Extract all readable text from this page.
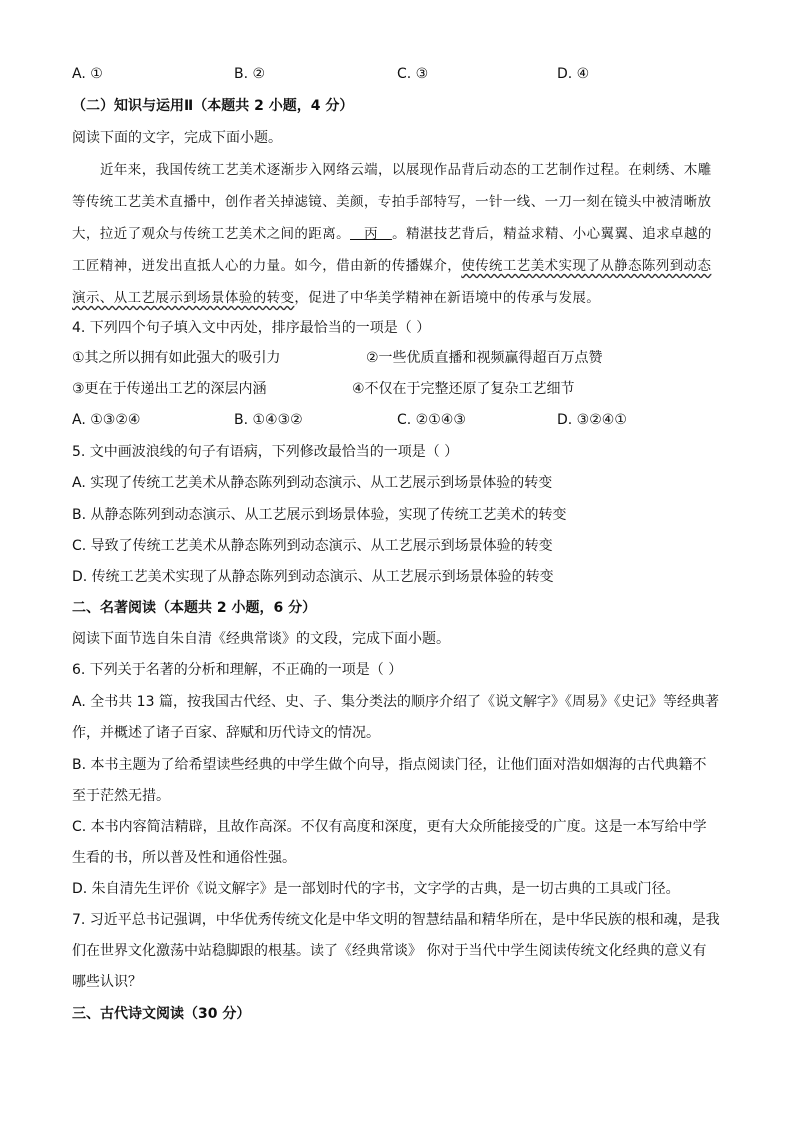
A. ①	B. ②	C. ③	D. ④
（二）知识与运用Ⅱ（本题共 2 小题，4 分）
阅读下面的文字，完成下面小题。
近年来，我国传统工艺美术逐渐步入网络云端，以展现作品背后动态的工艺制作过程。在刺绣、木雕
等传统工艺美术直播中，创作者关掉滤镜、美颜，专拍手部特写，一针一线、一刀一刻在镜头中被清晰放
大，拉近了观众与传统工艺美术之间的距离。   丙   。精湛技艺背后，精益求精、小心翼翼、追求卓越的
工匠精神，迸发出直抵人心的力量。如今，借由新的传播媒介，使传统工艺美术实现了从静态陈列到动态
演示、从工艺展示到场景体验的转变，促进了中华美学精神在新语境中的传承与发展。
4. 下列四个句子填入文中丙处，排序最恰当的一项是（ ）
①其之所以拥有如此强大的吸引力	②一些优质直播和视频赢得超百万点赞
③更在于传递出工艺的深层内涵	④不仅在于完整还原了复杂工艺细节
A. ①③②④	B. ①④③②	C. ②①④③	D. ③②④①
5. 文中画波浪线的句子有语病，下列修改最恰当的一项是（ ）
A. 实现了传统工艺美术从静态陈列到动态演示、从工艺展示到场景体验的转变
B. 从静态陈列到动态演示、从工艺展示到场景体验，实现了传统工艺美术的转变
C. 导致了传统工艺美术从静态陈列到动态演示、从工艺展示到场景体验的转变
D. 传统工艺美术实现了从静态陈列到动态演示、从工艺展示到场景体验的转变
二、名著阅读（本题共 2 小题，6 分）
阅读下面节选自朱自清《经典常谈》的文段，完成下面小题。
6. 下列关于名著的分析和理解，不正确的一项是（ ）
A. 全书共 13 篇，按我国古代经、史、子、集分类法的顺序介绍了《说文解字》《周易》《史记》等经典著
作，并概述了诸子百家、辞赋和历代诗文的情况。
B. 本书主题为了给希望读些经典的中学生做个向导，指点阅读门径，让他们面对浩如烟海的古代典籍不
至于茫然无措。
C. 本书内容简洁精辟，且故作高深。不仅有高度和深度，更有大众所能接受的广度。这是一本写给中学
生看的书，所以普及性和通俗性强。
D. 朱自清先生评价《说文解字》是一部划时代的字书，文字学的古典，是一切古典的工具或门径。
7. 习近平总书记强调，中华优秀传统文化是中华文明的智慧结晶和精华所在，是中华民族的根和魂，是我
们在世界文化激荡中站稳脚跟的根基。读了《经典常谈》 你对于当代中学生阅读传统文化经典的意义有
哪些认识？
三、古代诗文阅读（30 分）
